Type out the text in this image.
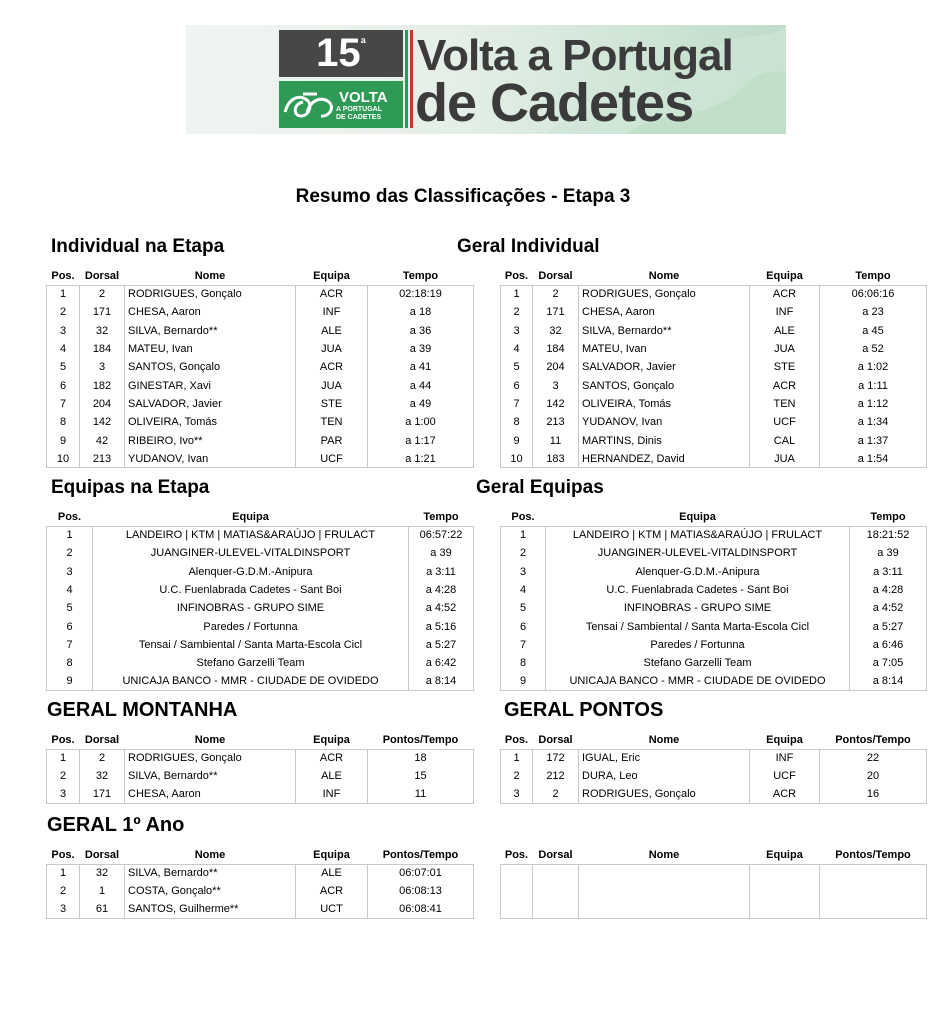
$15^ª$
VOLTA
A PORTUGAL
DE CADETES
Volta a Portugal
de Cadetes
Resumo das Classificações - Etapa 3
Individual na Etapa
Pos.	Dorsal	Nome	Equipa	Tempo
1	2	RODRIGUES, Gonçalo	ACR	02:18:19
2	171	CHESA, Aaron	INF	a 18
3	32	SILVA, Bernardo**	ALE	a 36
4	184	MATEU, Ivan	JUA	a 39
5	3	SANTOS, Gonçalo	ACR	a 41
6	182	GINESTAR, Xavi	JUA	a 44
7	204	SALVADOR, Javier	STE	a 49
8	142	OLIVEIRA, Tomás	TEN	a 1:00
9	42	RIBEIRO, Ivo**	PAR	a 1:17
10	213	YUDANOV, Ivan	UCF	a 1:21
Geral Individual
Pos.	Dorsal	Nome	Equipa	Tempo
1	2	RODRIGUES, Gonçalo	ACR	06:06:16
2	171	CHESA, Aaron	INF	a 23
3	32	SILVA, Bernardo**	ALE	a 45
4	184	MATEU, Ivan	JUA	a 52
5	204	SALVADOR, Javier	STE	a 1:02
6	3	SANTOS, Gonçalo	ACR	a 1:11
7	142	OLIVEIRA, Tomás	TEN	a 1:12
8	213	YUDANOV, Ivan	UCF	a 1:34
9	11	MARTINS, Dinis	CAL	a 1:37
10	183	HERNANDEZ, David	JUA	a 1:54
Equipas na Etapa
Pos.	Equipa	Tempo
1	LANDEIRO | KTM | MATIAS&ARAÚJO | FRULACT	06:57:22
2	JUANGINER-ULEVEL-VITALDINSPORT	a 39
3	Alenquer-G.D.M.-Anipura	a 3:11
4	U.C. Fuenlabrada Cadetes - Sant Boi	a 4:28
5	INFINOBRAS - GRUPO SIME	a 4:52
6	Paredes / Fortunna	a 5:16
7	Tensai / Sambiental / Santa Marta-Escola Cicl	a 5:27
8	Stefano Garzelli Team	a 6:42
9	UNICAJA BANCO - MMR - CIUDADE DE OVIDEDO	a 8:14
Geral Equipas
Pos.	Equipa	Tempo
1	LANDEIRO | KTM | MATIAS&ARAÚJO | FRULACT	18:21:52
2	JUANGINER-ULEVEL-VITALDINSPORT	a 39
3	Alenquer-G.D.M.-Anipura	a 3:11
4	U.C. Fuenlabrada Cadetes - Sant Boi	a 4:28
5	INFINOBRAS - GRUPO SIME	a 4:52
6	Tensai / Sambiental / Santa Marta-Escola Cicl	a 5:27
7	Paredes / Fortunna	a 6:46
8	Stefano Garzelli Team	a 7:05
9	UNICAJA BANCO - MMR - CIUDADE DE OVIDEDO	a 8:14
GERAL MONTANHA
Pos.	Dorsal	Nome	Equipa	Pontos/Tempo
1	2	RODRIGUES, Gonçalo	ACR	18
2	32	SILVA, Bernardo**	ALE	15
3	171	CHESA, Aaron	INF	11
GERAL PONTOS
Pos.	Dorsal	Nome	Equipa	Pontos/Tempo
1	172	IGUAL, Eric	INF	22
2	212	DURA, Leo	UCF	20
3	2	RODRIGUES, Gonçalo	ACR	16
GERAL 1º Ano
Pos.	Dorsal	Nome	Equipa	Pontos/Tempo
1	32	SILVA, Bernardo**	ALE	06:07:01
2	1	COSTA, Gonçalo**	ACR	06:08:13
3	61	SANTOS, Guilherme**	UCT	06:08:41
Pos.	Dorsal	Nome	Equipa	Pontos/Tempo
